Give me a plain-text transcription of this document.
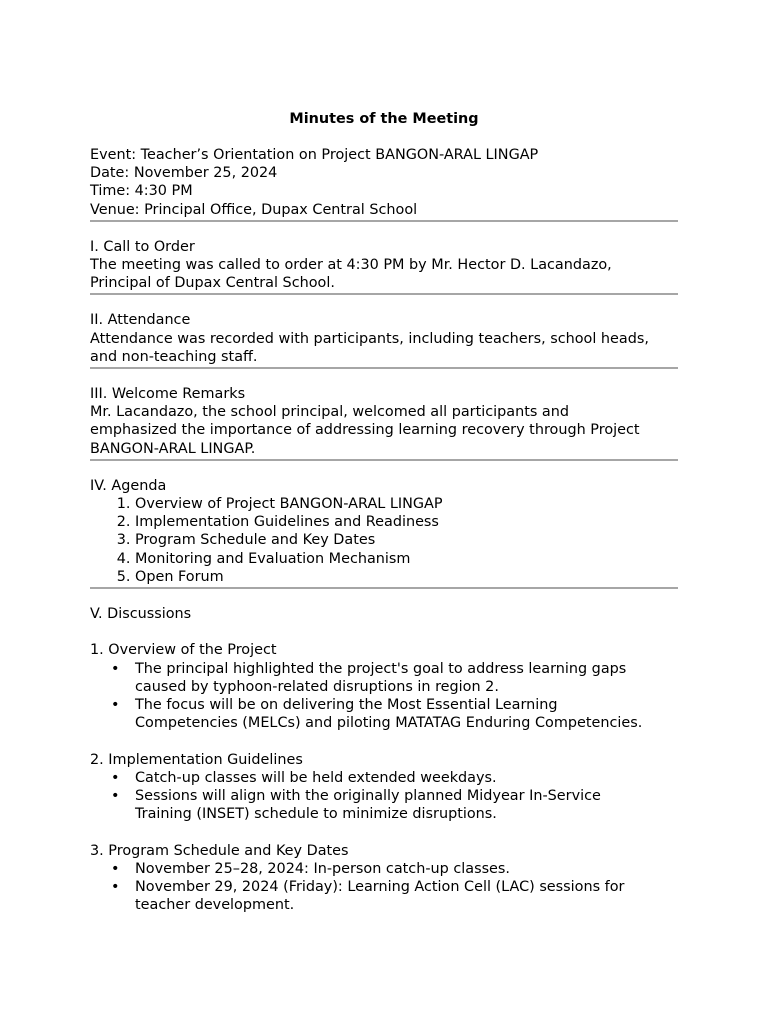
Minutes of the Meeting

Event: Teacher’s Orientation on Project BANGON-ARAL LINGAP

Date: November 25, 2024

Time: 4:30 PM

Venue: Principal Office, Dupax Central School

I. Call to Order

The meeting was called to order at 4:30 PM by Mr. Hector D. Lacandazo,

Principal of Dupax Central School.

II. Attendance

Attendance was recorded with participants, including teachers, school heads,

and non-teaching staff.

III. Welcome Remarks

Mr. Lacandazo, the school principal, welcomed all participants and

emphasized the importance of addressing learning recovery through Project

BANGON-ARAL LINGAP.

IV. Agenda

1. Overview of Project BANGON-ARAL LINGAP
2. Implementation Guidelines and Readiness
3. Program Schedule and Key Dates
4. Monitoring and Evaluation Mechanism
5. Open Forum

V. Discussions

1. Overview of the Project

• The principal highlighted the project's goal to address learning gaps
caused by typhoon-related disruptions in region 2.
• The focus will be on delivering the Most Essential Learning
Competencies (MELCs) and piloting MATATAG Enduring Competencies.

2. Implementation Guidelines

• Catch-up classes will be held extended weekdays.
• Sessions will align with the originally planned Midyear In-Service
Training (INSET) schedule to minimize disruptions.

3. Program Schedule and Key Dates

• November 25–28, 2024: In-person catch-up classes.
• November 29, 2024 (Friday): Learning Action Cell (LAC) sessions for
teacher development.
